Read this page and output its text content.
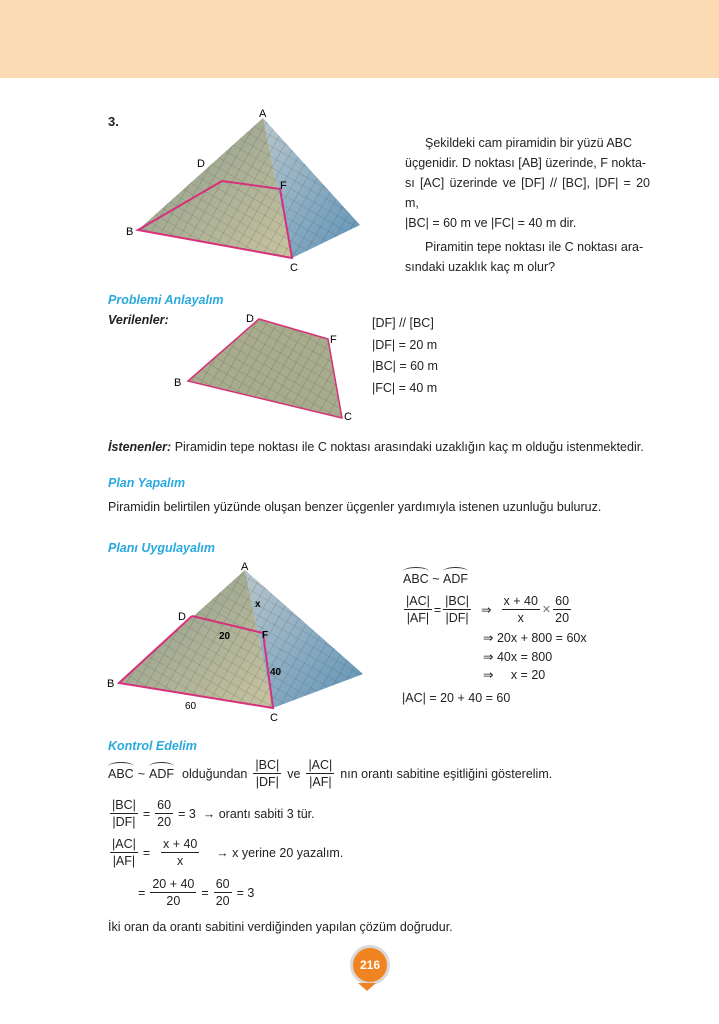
3.	A
D
F
B
C
Şekildeki cam piramidin bir yüzü ABC
üçgenidir. D noktası [AB] üzerinde, F nokta-
sı [AC] üzerinde ve [DF] // [BC], |DF| = 20 m,
|BC| = 60 m ve |FC| = 40 m dir.
Piramitin tepe noktası ile C noktası ara-
sındaki uzaklık kaç m olur?
Problemi Anlayalım
Verilenler:	D
F
B
C
[DF] // [BC]
|DF| = 20 m
|BC| = 60 m
|FC| = 40 m
İstenenler: Piramidin tepe noktası ile C noktası arasındaki uzaklığın kaç m olduğu istenmektedir.
Plan Yapalım
Piramidin belirtilen yüzünde oluşan benzer üçgenler yardımıyla istenen uzunluğu buluruz.
Planı Uygulayalım
A
D
F
B
C
x
20
40
60
ABC ~ ADF
$\frac{|AC|}{|AF|} = \frac{|BC|}{|DF|}$ ⇒ $\frac{x + 40}{x}$ ✕ $\frac{60}{20}$
⇒ 20x + 800 = 60x
⇒ 40x = 800
⇒     x = 20
|AC| = 20 + 40 = 60
Kontrol Edelim
ABC ~ ADF olduğundan $\frac{|BC|}{|DF|}$ ve $\frac{|AC|}{|AF|}$ nın orantı sabitine eşitliğini gösterelim.
$\frac{|BC|}{|DF|} = \frac{60}{20} = 3$  → orantı sabiti 3 tür.
$\frac{|AC|}{|AF|} = \frac{x + 40}{x} \to x$ yerine 20 yazalım.
= $\frac{20 + 40}{20} = \frac{60}{20} = 3$
İki oran da orantı sabitini verdiğinden yapılan çözüm doğrudur.
216
